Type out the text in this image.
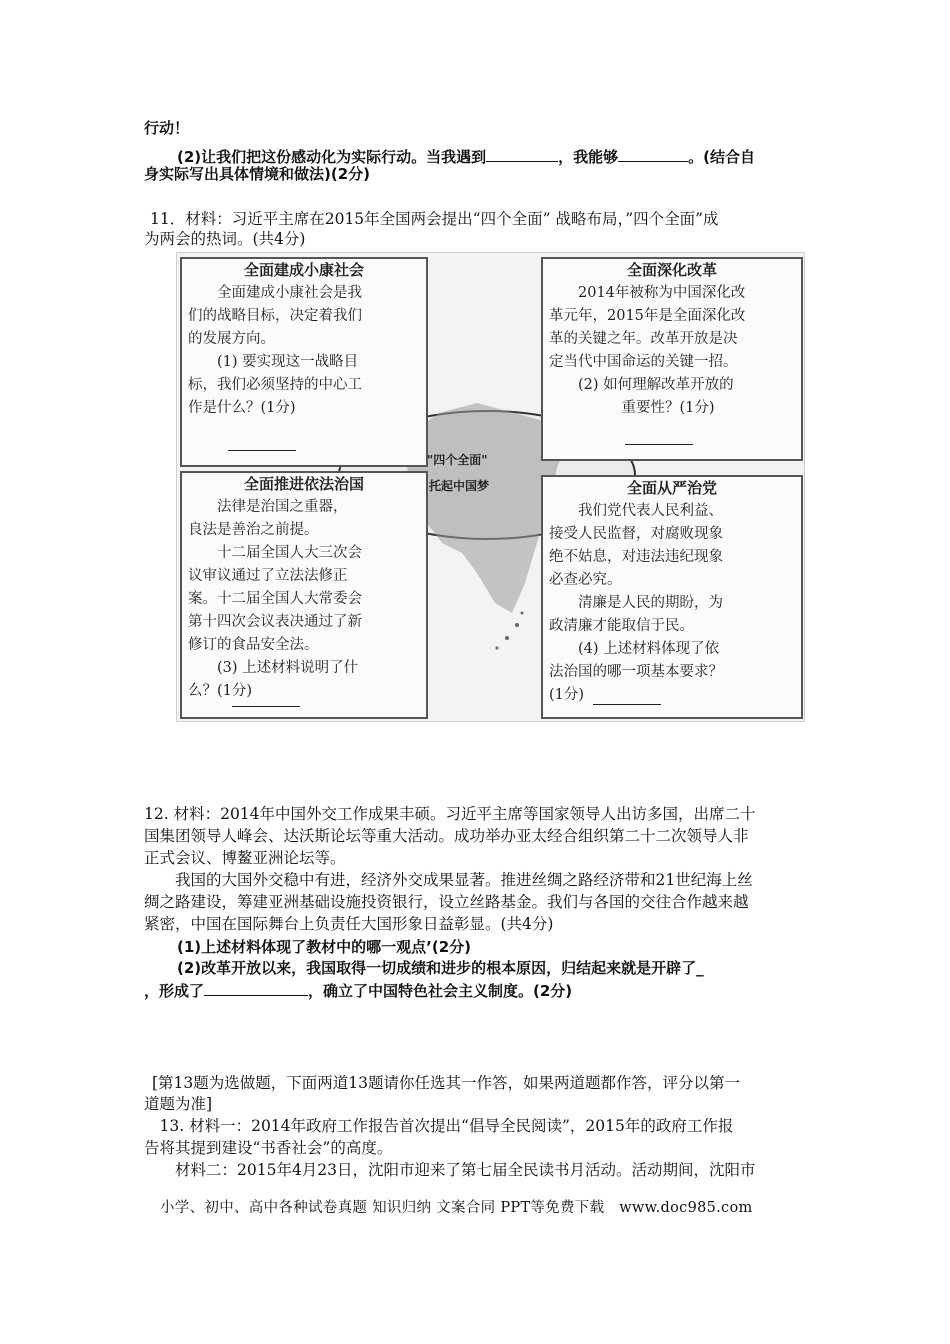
行动！
(2)让我们把这份感动化为实际行动。当我遇到	，我能够	。(结合自
身实际写出具体情境和做法)(2分)
11．材料：习近平主席在2015年全国两会提出“四个全面” 战略布局，”四个全面”成
为两会的热词。(共4分)
全面建成小康社会
　　全面建成小康社会是我
们的战略目标，决定着我们
的发展方向。
　　(1) 要实现这一战略目
标，我们必须坚持的中心工
作是什么？(1分)
全面深化改革
　　2014年被称为中国深化改
革元年，2015年是全面深化改
革的关键之年。改革开放是决
定当代中国命运的关键一招。
　　(2) 如何理解改革开放的
　　　　　重要性？(1分)
全面推进依法治国
　　法律是治国之重器，
良法是善治之前提。
　　十二届全国人大三次会
议审议通过了立法法修正
案。十二届全国人大常委会
第十四次会议表决通过了新
修订的食品安全法。
　　(3) 上述材料说明了什
么？(1分)
全面从严治党
　　我们党代表人民利益、
接受人民监督，对腐败现象
绝不姑息，对违法违纪现象
必查必究。
　　清廉是人民的期盼，为
政清廉才能取信于民。
　　(4) 上述材料体现了依
法治国的哪一项基本要求？
(1分)
"四个全面"
托起中国梦
12. 材料：2014年中国外交工作成果丰硕。习近平主席等国家领导人出访多国，出席二十
国集团领导人峰会、达沃斯论坛等重大活动。成功举办亚太经合组织第二十二次领导人非
正式会议、博鳌亚洲论坛等。
　　我国的大国外交稳中有进，经济外交成果显著。推进丝绸之路经济带和21世纪海上丝
绸之路建设，筹建亚洲基础设施投资银行，设立丝路基金。我们与各国的交往合作越来越
紧密，中国在国际舞台上负责任大国形象日益彰显。(共4分)
(1)上述材料体现了教材中的哪一观点’(2分)
(2)改革开放以来，我国取得一切成绩和进步的根本原因，归结起来就是开辟了_
，形成了	，确立了中国特色社会主义制度。(2分)
[第13题为选做题，下面两道13题请你任选其一作答，如果两道题都作答，评分以第一
道题为准]
　13. 材料一：2014年政府工作报告首次提出“倡导全民阅读”，2015年的政府工作报
告将其提到建设“书香社会”的高度。
　　材料二：2015年4月23日，沈阳市迎来了第七届全民读书月活动。活动期间，沈阳市
小学、初中、高中各种试卷真题 知识归纳 文案合同 PPT等免费下载　www.doc985.com
